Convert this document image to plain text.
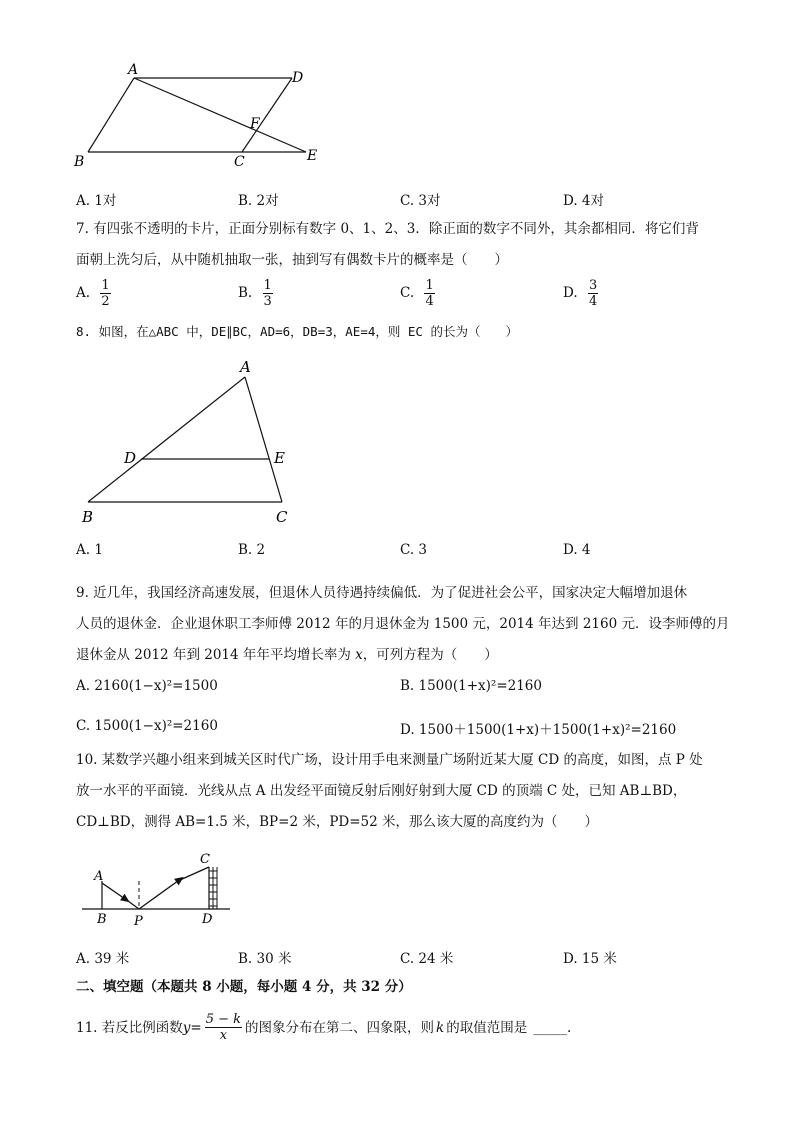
A	D
F
B	C	E
A. 1对	B. 2对	C. 3对	D. 4对
7. 有四张不透明的卡片，正面分别标有数字 0、1、2、3．除正面的数字不同外，其余都相同．将它们背
面朝上洗匀后，从中随机抽取一张，抽到写有偶数卡片的概率是（　　）
A. $\frac{1}{2}$	B. $\frac{1}{3}$	C. $\frac{1}{4}$	D. $\frac{3}{4}$
8. 如图，在△ABC 中，DE∥BC，AD=6，DB=3，AE=4，则 EC 的长为（　　）
A
D	E
B	C
A. 1	B. 2	C. 3	D. 4
9. 近几年，我国经济高速发展，但退休人员待遇持续偏低．为了促进社会公平，国家决定大幅增加退休
人员的退休金．企业退休职工李师傅 2012 年的月退休金为 1500 元，2014 年达到 2160 元．设李师傅的月
退休金从 2012 年到 2014 年年平均增长率为 x，可列方程为（　　）
A. 2160(1−x)²=1500	B. 1500(1+x)²=2160
C. 1500(1−x)²=2160	D. 1500＋1500(1+x)＋1500(1+x)²=2160
10. 某数学兴趣小组来到城关区时代广场，设计用手电来测量广场附近某大厦 CD 的高度，如图，点 P 处
放一水平的平面镜．光线从点 A 出发经平面镜反射后刚好射到大厦 CD 的顶端 C 处，已知 AB⊥BD，
CD⊥BD，测得 AB=1.5 米，BP=2 米，PD=52 米，那么该大厦的高度约为（　　）
A
B P
C
D
A. 39 米	B. 30 米	C. 24 米	D. 15 米
二、填空题（本题共 8 小题，每小题 4 分，共 32 分）
11. 若反比例函数 $y = \frac{5 - k}{x}$ 的图象分布在第二、四象限，则 k 的取值范围是 _____ .
